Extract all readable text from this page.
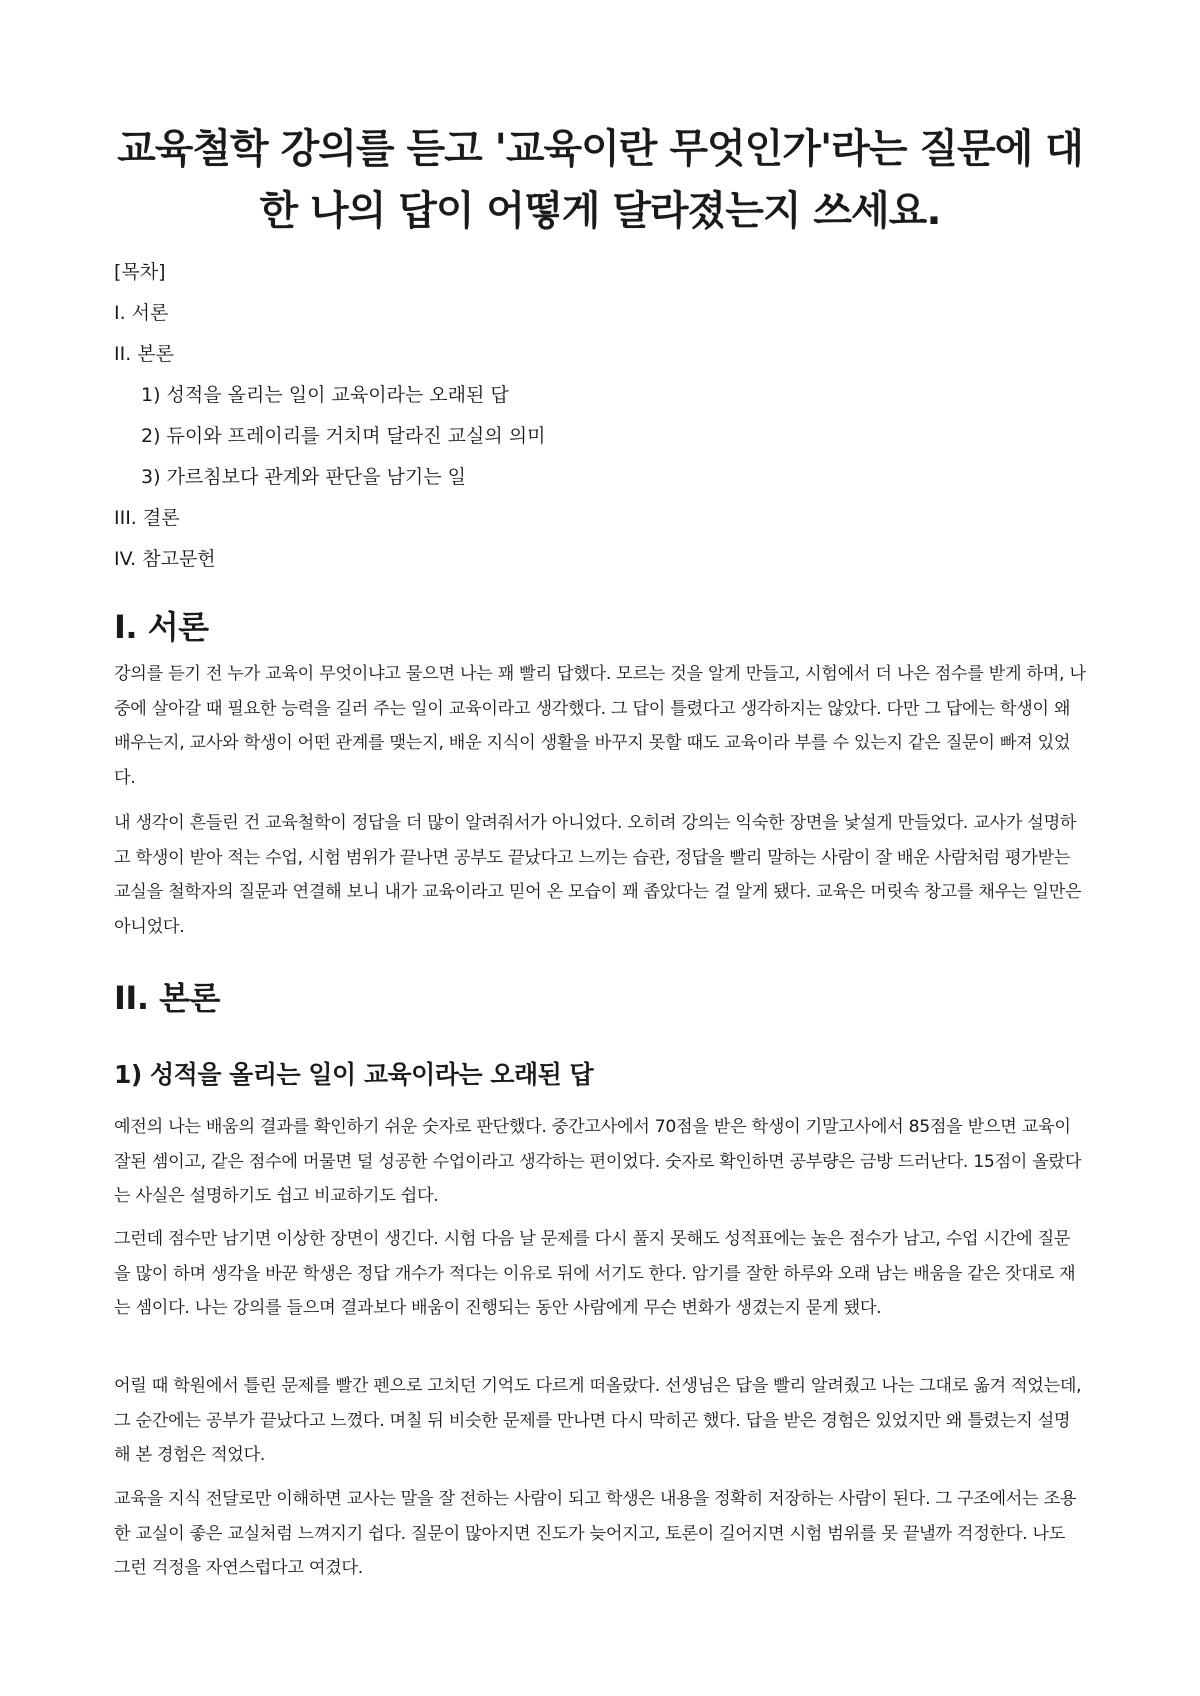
교육철학 강의를 듣고 '교육이란 무엇인가'라는 질문에 대한 나의 답이 어떻게 달라졌는지 쓰세요.
[목차]
I. 서론
II. 본론
1) 성적을 올리는 일이 교육이라는 오래된 답
2) 듀이와 프레이리를 거치며 달라진 교실의 의미
3) 가르침보다 관계와 판단을 남기는 일
III. 결론
IV. 참고문헌
I. 서론

강의를 듣기 전 누가 교육이 무엇이냐고 물으면 나는 꽤 빨리 답했다. 모르는 것을 알게 만들고, 시험에서 더 나은 점수를 받게 하며, 나중에 살아갈 때 필요한 능력을 길러 주는 일이 교육이라고 생각했다. 그 답이 틀렸다고 생각하지는 않았다. 다만 그 답에는 학생이 왜 배우는지, 교사와 학생이 어떤 관계를 맺는지, 배운 지식이 생활을 바꾸지 못할 때도 교육이라 부를 수 있는지 같은 질문이 빠져 있었다.

내 생각이 흔들린 건 교육철학이 정답을 더 많이 알려줘서가 아니었다. 오히려 강의는 익숙한 장면을 낯설게 만들었다. 교사가 설명하고 학생이 받아 적는 수업, 시험 범위가 끝나면 공부도 끝났다고 느끼는 습관, 정답을 빨리 말하는 사람이 잘 배운 사람처럼 평가받는 교실을 철학자의 질문과 연결해 보니 내가 교육이라고 믿어 온 모습이 꽤 좁았다는 걸 알게 됐다. 교육은 머릿속 창고를 채우는 일만은 아니었다.

II. 본론
1) 성적을 올리는 일이 교육이라는 오래된 답

예전의 나는 배움의 결과를 확인하기 쉬운 숫자로 판단했다. 중간고사에서 70점을 받은 학생이 기말고사에서 85점을 받으면 교육이 잘된 셈이고, 같은 점수에 머물면 덜 성공한 수업이라고 생각하는 편이었다. 숫자로 확인하면 공부량은 금방 드러난다. 15점이 올랐다는 사실은 설명하기도 쉽고 비교하기도 쉽다.

그런데 점수만 남기면 이상한 장면이 생긴다. 시험 다음 날 문제를 다시 풀지 못해도 성적표에는 높은 점수가 남고, 수업 시간에 질문을 많이 하며 생각을 바꾼 학생은 정답 개수가 적다는 이유로 뒤에 서기도 한다. 암기를 잘한 하루와 오래 남는 배움을 같은 잣대로 재는 셈이다. 나는 강의를 들으며 결과보다 배움이 진행되는 동안 사람에게 무슨 변화가 생겼는지 묻게 됐다.

어릴 때 학원에서 틀린 문제를 빨간 펜으로 고치던 기억도 다르게 떠올랐다. 선생님은 답을 빨리 알려줬고 나는 그대로 옮겨 적었는데, 그 순간에는 공부가 끝났다고 느꼈다. 며칠 뒤 비슷한 문제를 만나면 다시 막히곤 했다. 답을 받은 경험은 있었지만 왜 틀렸는지 설명해 본 경험은 적었다.

교육을 지식 전달로만 이해하면 교사는 말을 잘 전하는 사람이 되고 학생은 내용을 정확히 저장하는 사람이 된다. 그 구조에서는 조용한 교실이 좋은 교실처럼 느껴지기 쉽다. 질문이 많아지면 진도가 늦어지고, 토론이 길어지면 시험 범위를 못 끝낼까 걱정한다. 나도 그런 걱정을 자연스럽다고 여겼다.
